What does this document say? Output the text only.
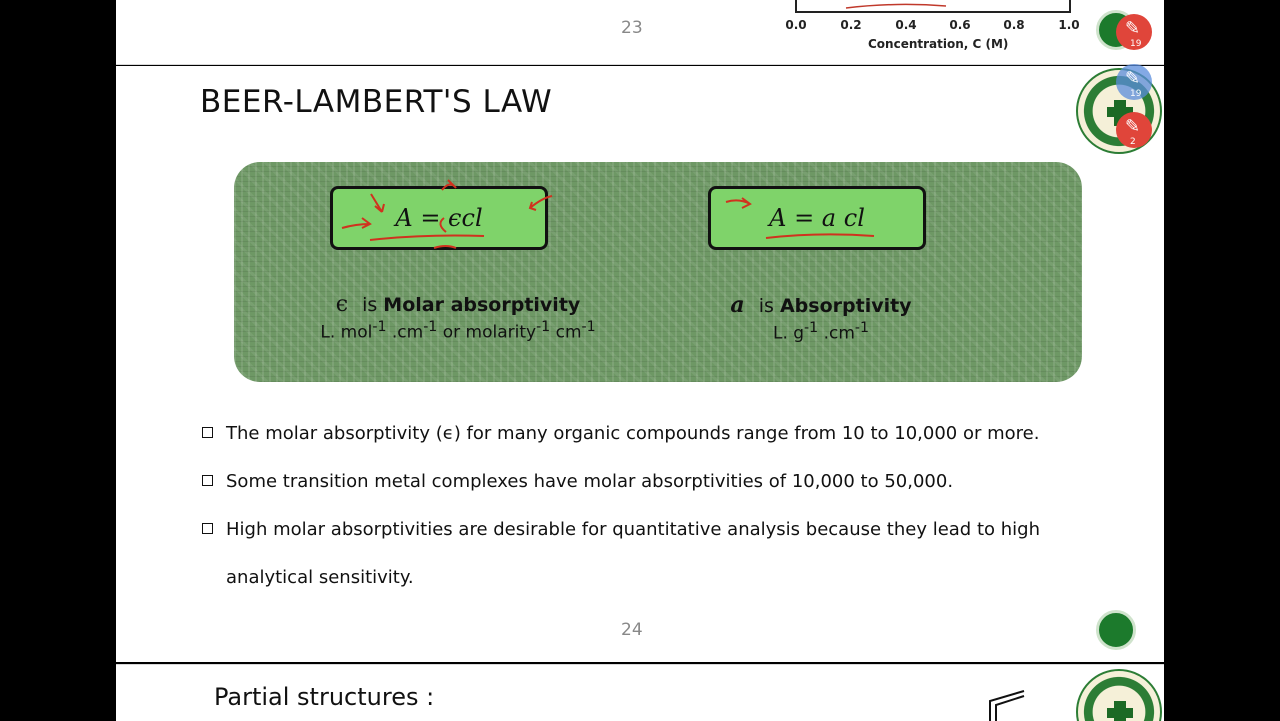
23	0.0	0.2	0.4	0.6	0.8	1.0
Concentration, C (M)
BEER-LAMBERT'S LAW
A = ϵcl	A = a cl
ϵ is Molar absorptivity
L. mol$^{-1}$ $.cm^{-1}$ or molarity$^{-1}$ $cm^{-1}$
a is Absorptivity
L. $g^{-1}$ $.cm^{-1}$
The molar absorptivity (ϵ) for many organic compounds range from 10 to 10,000 or more.
Some transition metal complexes have molar absorptivities of 10,000 to 50,000.
High molar absorptivities are desirable for quantitative analysis because they lead to high
analytical sensitivity.
24
Partial structures :
✎
19
✎
19
✎
2
